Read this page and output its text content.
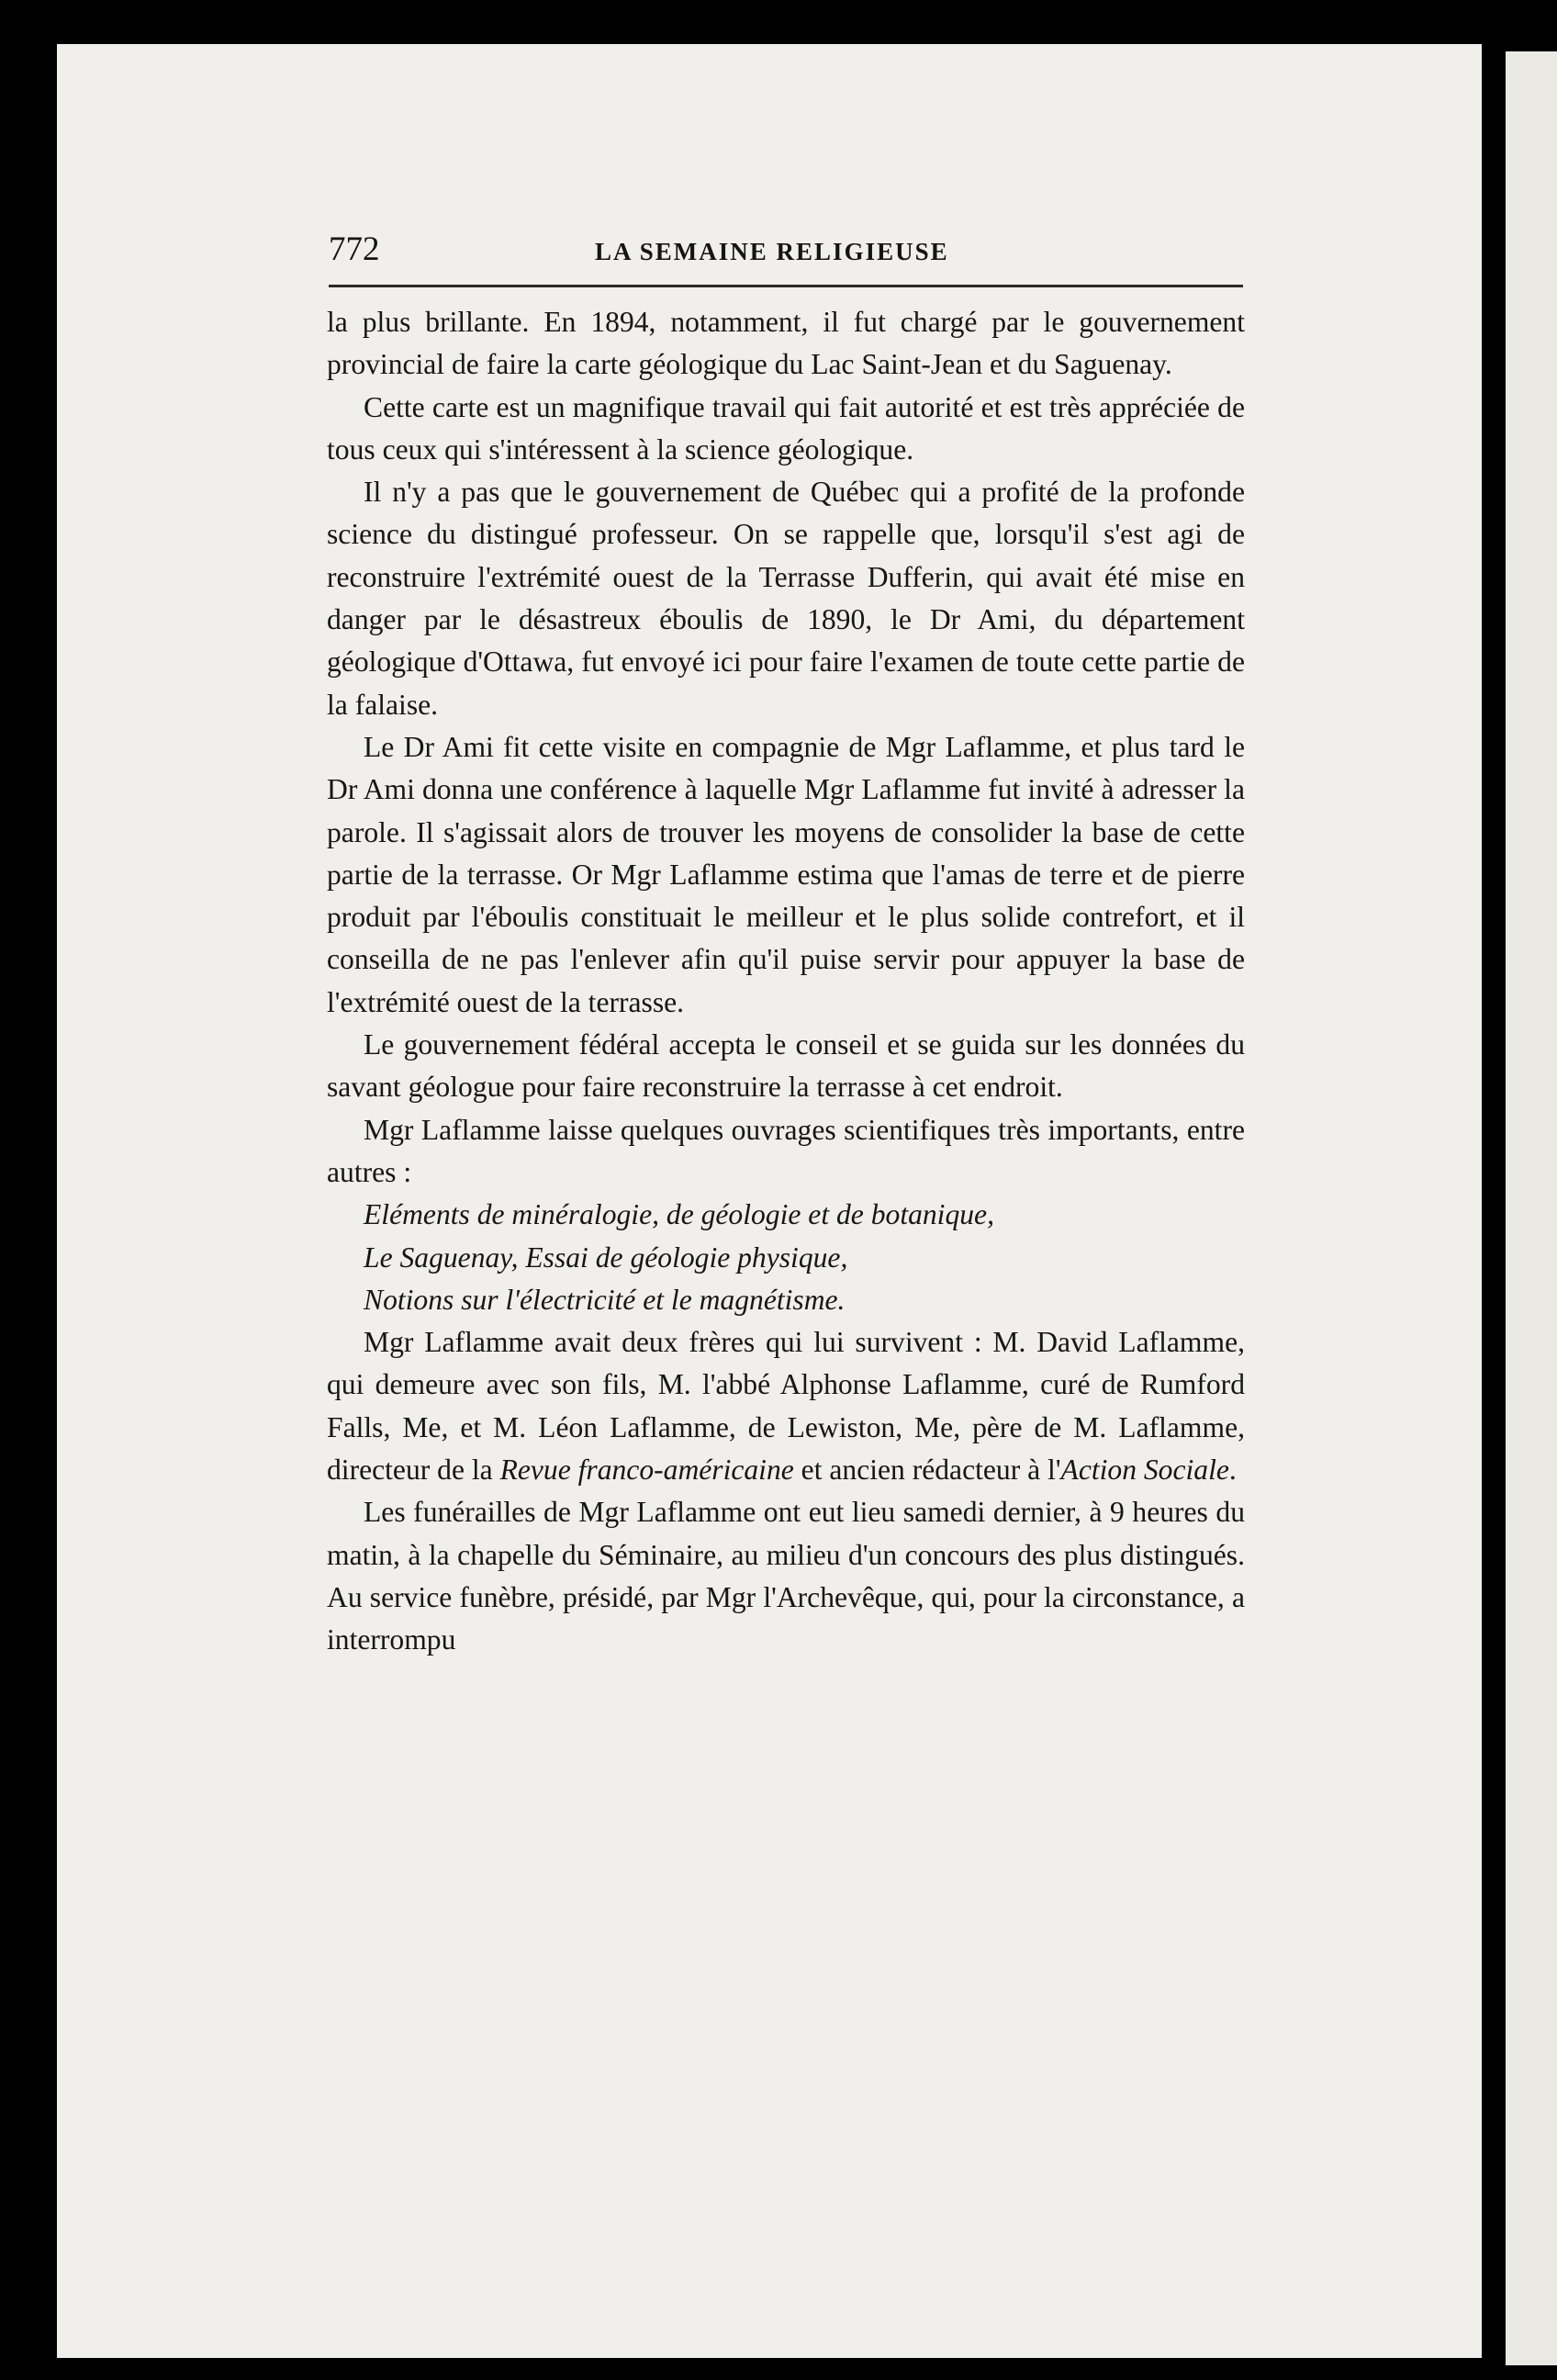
772	LA SEMAINE RELIGIEUSE

la plus brillante. En 1894, notamment, il fut chargé par le gouvernement provincial de faire la carte géologique du Lac Saint-Jean et du Saguenay.

Cette carte est un magnifique travail qui fait autorité et est très appréciée de tous ceux qui s'intéressent à la science géologique.

Il n'y a pas que le gouvernement de Québec qui a profité de la profonde science du distingué professeur. On se rappelle que, lorsqu'il s'est agi de reconstruire l'extrémité ouest de la Terrasse Dufferin, qui avait été mise en danger par le désastreux éboulis de 1890, le Dr Ami, du département géologique d'Ottawa, fut envoyé ici pour faire l'examen de toute cette partie de la falaise.

Le Dr Ami fit cette visite en compagnie de Mgr Laflamme, et plus tard le Dr Ami donna une conférence à laquelle Mgr Laflamme fut invité à adresser la parole. Il s'agissait alors de trouver les moyens de consolider la base de cette partie de la terrasse. Or Mgr Laflamme estima que l'amas de terre et de pierre produit par l'éboulis constituait le meilleur et le plus solide contrefort, et il conseilla de ne pas l'enlever afin qu'il puise servir pour appuyer la base de l'extrémité ouest de la terrasse.

Le gouvernement fédéral accepta le conseil et se guida sur les données du savant géologue pour faire reconstruire la terrasse à cet endroit.

Mgr Laflamme laisse quelques ouvrages scientifiques très importants, entre autres :

Eléments de minéralogie, de géologie et de botanique,

Le Saguenay, Essai de géologie physique,

Notions sur l'électricité et le magnétisme.

Mgr Laflamme avait deux frères qui lui survivent : M. David Laflamme, qui demeure avec son fils, M. l'abbé Alphonse Laflamme, curé de Rumford Falls, Me, et M. Léon Laflamme, de Lewiston, Me, père de M. Laflamme, directeur de la Revue franco-américaine et ancien rédacteur à l'Action Sociale.

Les funérailles de Mgr Laflamme ont eut lieu samedi dernier, à 9 heures du matin, à la chapelle du Séminaire, au milieu d'un concours des plus distingués. Au service funèbre, présidé, par Mgr l'Archevêque, qui, pour la circonstance, a interrompu
